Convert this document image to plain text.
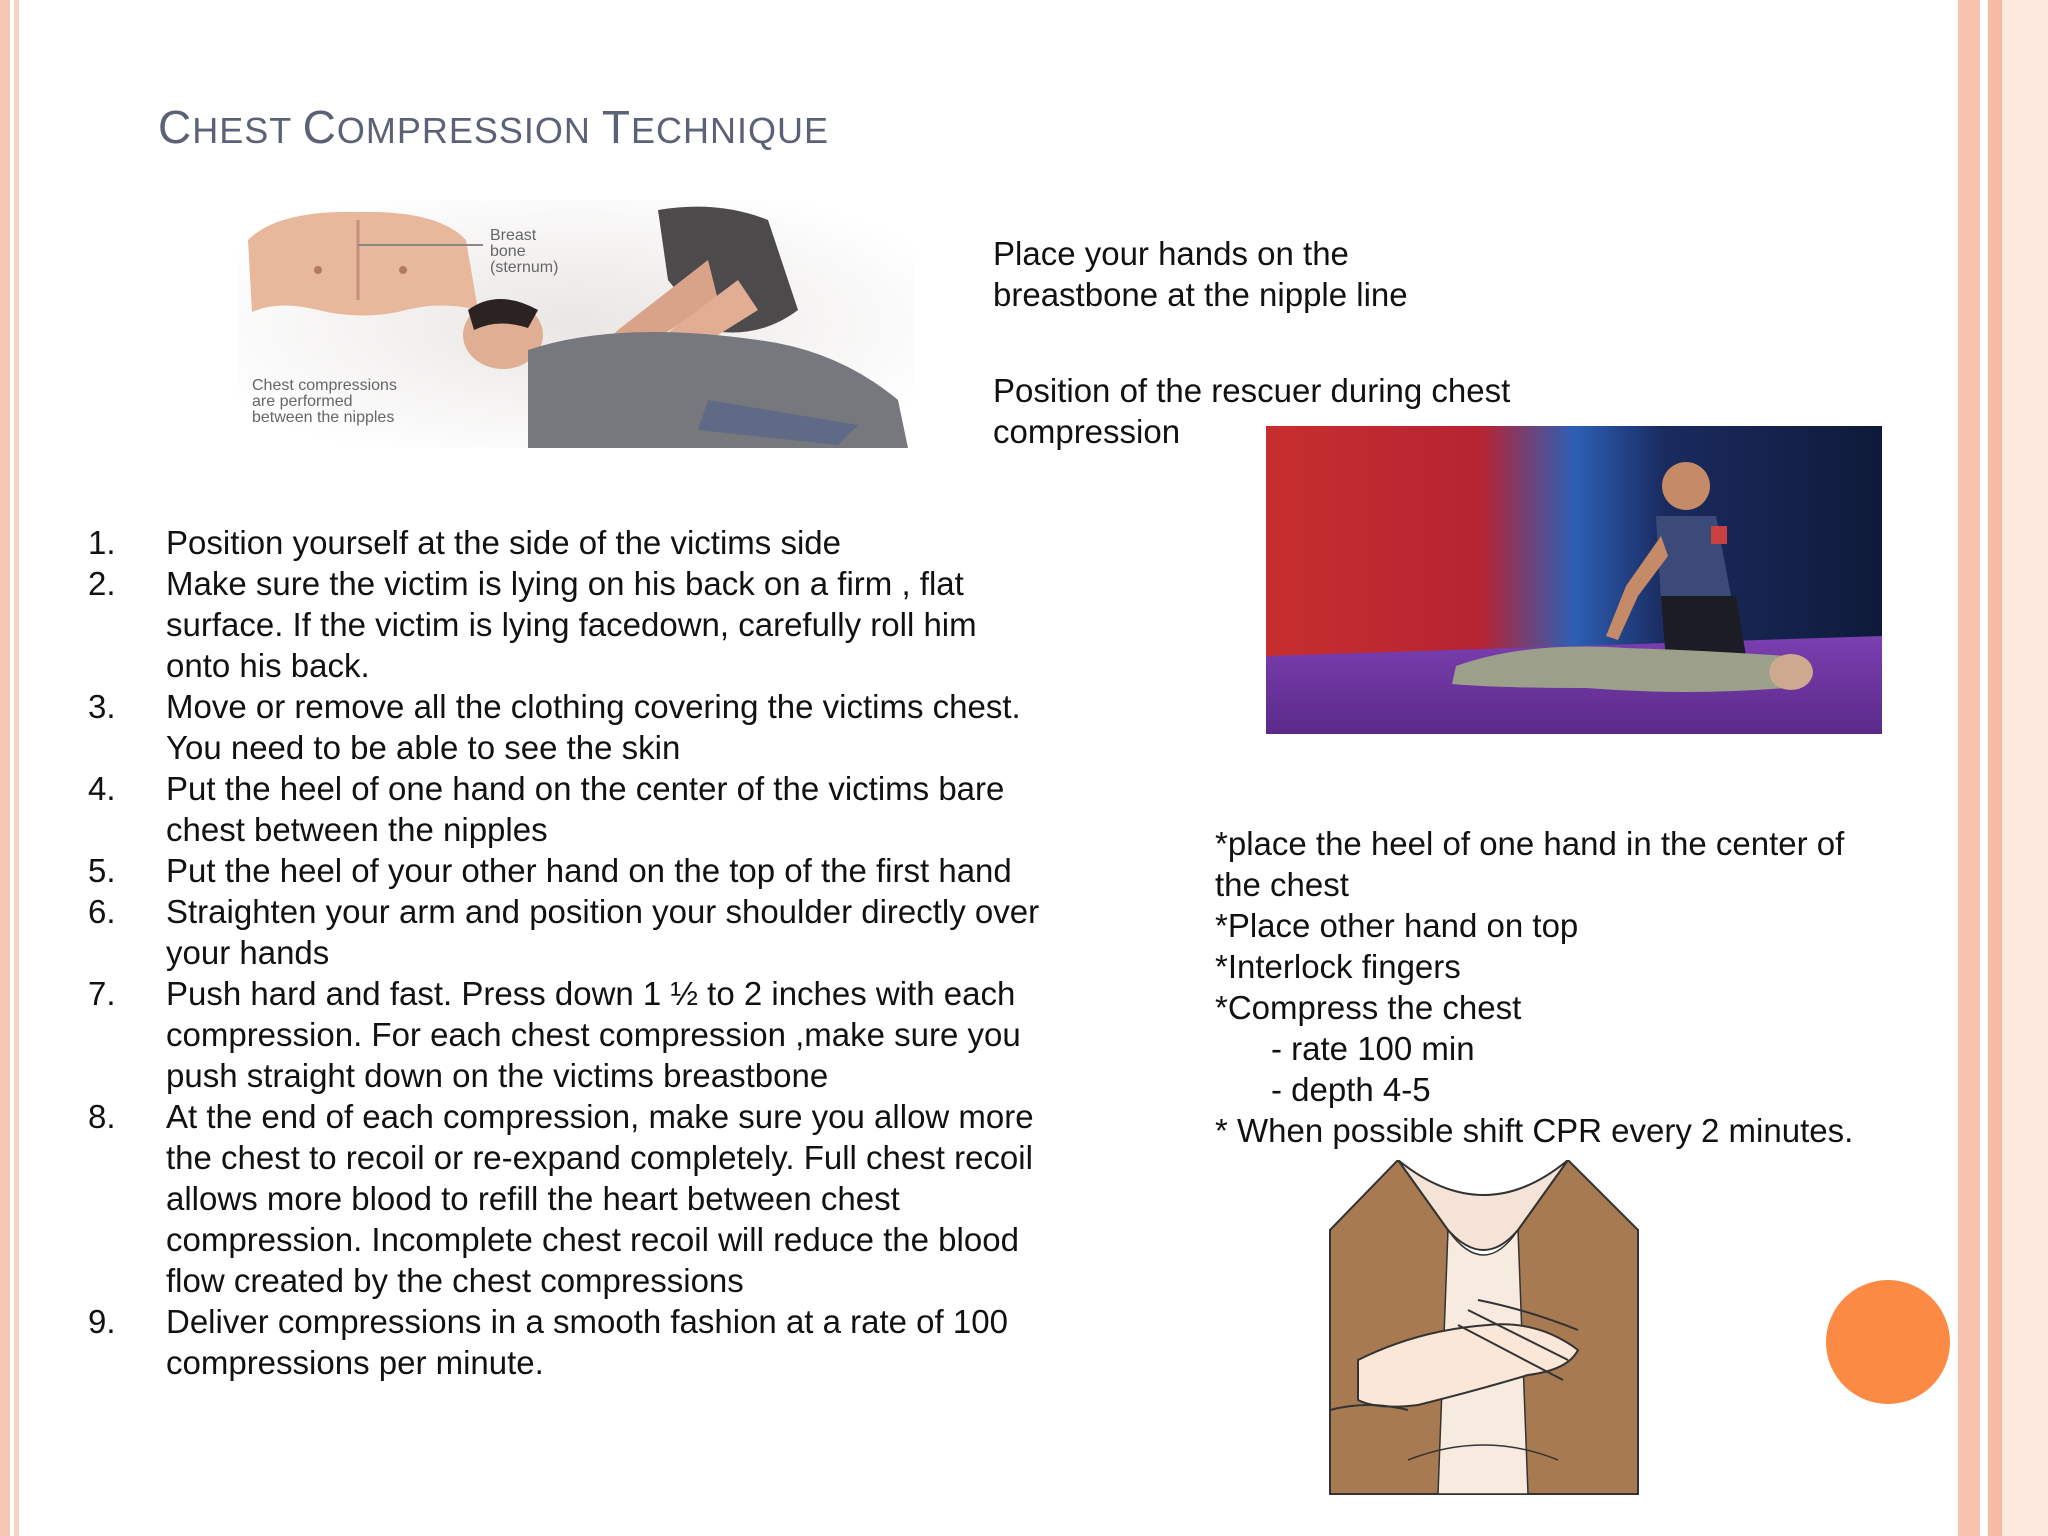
CHEST COMPRESSION TECHNIQUE
Breast
bone
(sternum)
Chest compressions
are performed
between the nipples
Place your hands on the
breastbone at the nipple line
Position of the rescuer during chest
compression
1. Position yourself at the side of the victims side
2. Make sure the victim is lying on his back on a firm , flat
surface. If the victim is lying facedown, carefully roll him
onto his back.
3. Move or remove all the clothing covering the victims chest.
You need to be able to see the skin
4. Put the heel of one hand on the center of the victims bare
chest between the nipples
5. Put the heel of your other hand on the top of the first hand
6. Straighten your arm and position your shoulder directly over
your hands
7. Push hard and fast. Press down 1 ½ to 2 inches with each
compression. For each chest compression ,make sure you
push straight down on the victims breastbone
8. At the end of each compression, make sure you allow more
the chest to recoil or re-expand completely. Full chest recoil
allows more blood to refill the heart between chest
compression. Incomplete chest recoil will reduce the blood
flow created by the chest compressions
9. Deliver compressions in a smooth fashion at a rate of 100
compressions per minute.
*place the heel of one hand in the center of
the chest
*Place other hand on top
*Interlock fingers
*Compress the chest
- rate 100 min
- depth 4-5
* When possible shift CPR every 2 minutes.
